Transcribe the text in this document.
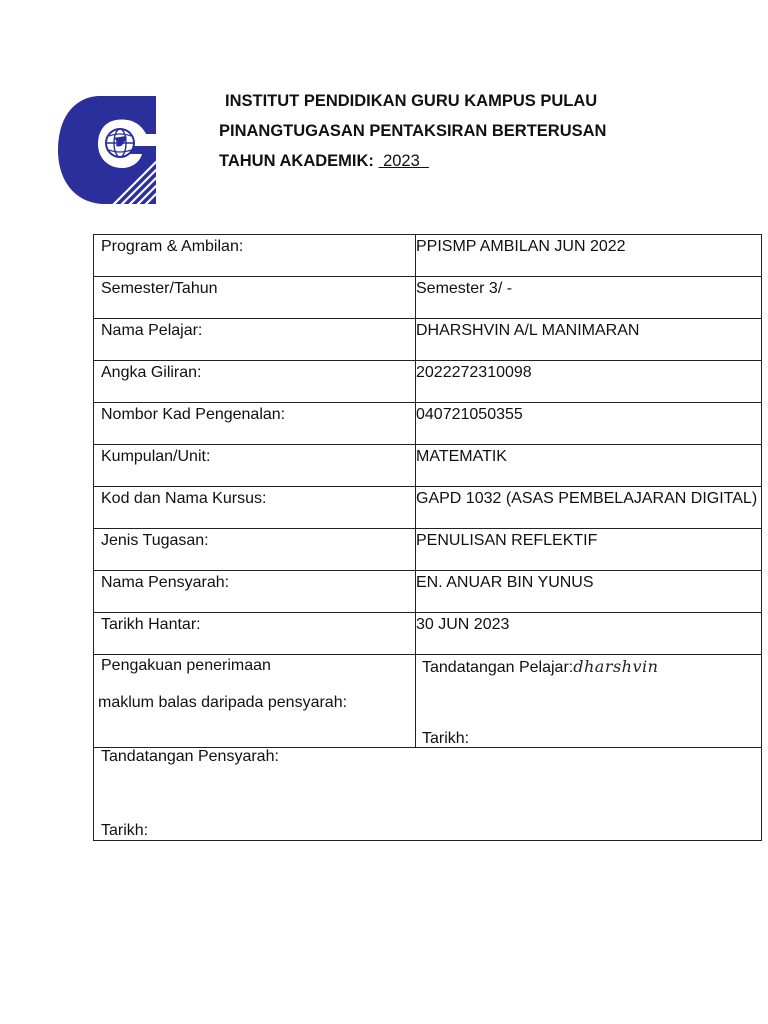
INSTITUT PENDIDIKAN GURU KAMPUS PULAU
PINANGTUGASAN PENTAKSIRAN BERTERUSAN
TAHUN AKADEMIK:  2023
Program & Ambilan:	PPISMP AMBILAN JUN 2022

Semester/Tahun	Semester 3/ -

Nama Pelajar:	DHARSHVIN A/L MANIMARAN

Angka Giliran:	2022272310098

Nombor Kad Pengenalan:	040721050355

Kumpulan/Unit:	MATEMATIK

Kod dan Nama Kursus:	GAPD 1032 (ASAS PEMBELAJARAN DIGITAL)

Jenis Tugasan:	PENULISAN REFLEKTIF

Nama Pensyarah:	EN. ANUAR BIN YUNUS

Tarikh Hantar:	30 JUN 2023

Pengakuan penerimaan
maklum balas daripada pensyarah:	Tandatangan Pelajar:dharshvin
Tarikh:

Tandatangan Pensyarah:
Tarikh:	
